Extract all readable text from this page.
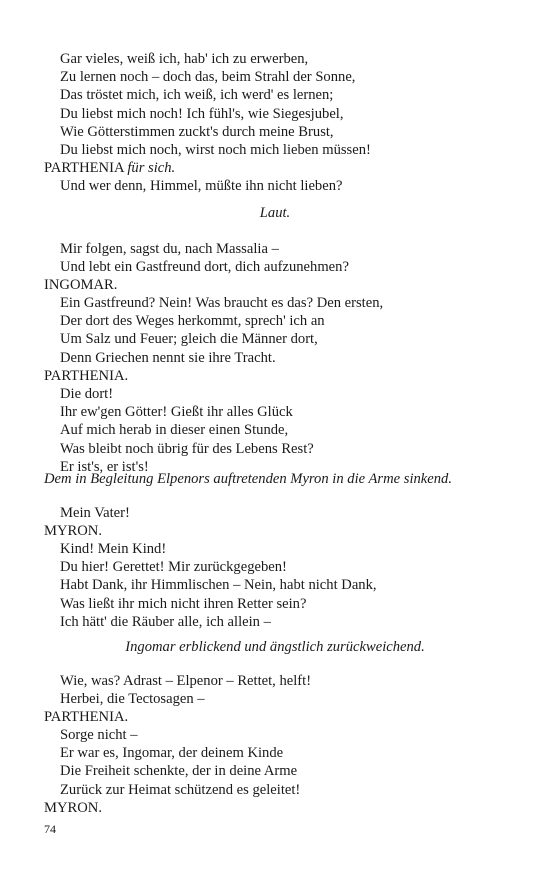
Gar vieles, weiß ich, hab' ich zu erwerben,
Zu lernen noch – doch das, beim Strahl der Sonne,
Das tröstet mich, ich weiß, ich werd' es lernen;
Du liebst mich noch! Ich fühl's, wie Siegesjubel,
Wie Götterstimmen zuckt's durch meine Brust,
Du liebst mich noch, wirst noch mich lieben müssen!
PARTHENIA für sich.
Und wer denn, Himmel, müßte ihn nicht lieben?
Laut.
Mir folgen, sagst du, nach Massalia –
Und lebt ein Gastfreund dort, dich aufzunehmen?
INGOMAR.
Ein Gastfreund? Nein! Was braucht es das? Den ersten,
Der dort des Weges herkommt, sprech' ich an
Um Salz und Feuer; gleich die Männer dort,
Denn Griechen nennt sie ihre Tracht.
PARTHENIA.
Die dort!
Ihr ew'gen Götter! Gießt ihr alles Glück
Auf mich herab in dieser einen Stunde,
Was bleibt noch übrig für des Lebens Rest?
Er ist's, er ist's!
Dem in Begleitung Elpenors auftretenden Myron in die Arme sinkend.
Mein Vater!
MYRON.
Kind! Mein Kind!
Du hier! Gerettet! Mir zurückgegeben!
Habt Dank, ihr Himmlischen – Nein, habt nicht Dank,
Was ließt ihr mich nicht ihren Retter sein?
Ich hätt' die Räuber alle, ich allein –
Ingomar erblickend und ängstlich zurückweichend.
Wie, was? Adrast – Elpenor – Rettet, helft!
Herbei, die Tectosagen –
PARTHENIA.
Sorge nicht –
Er war es, Ingomar, der deinem Kinde
Die Freiheit schenkte, der in deine Arme
Zurück zur Heimat schützend es geleitet!
MYRON.
74
